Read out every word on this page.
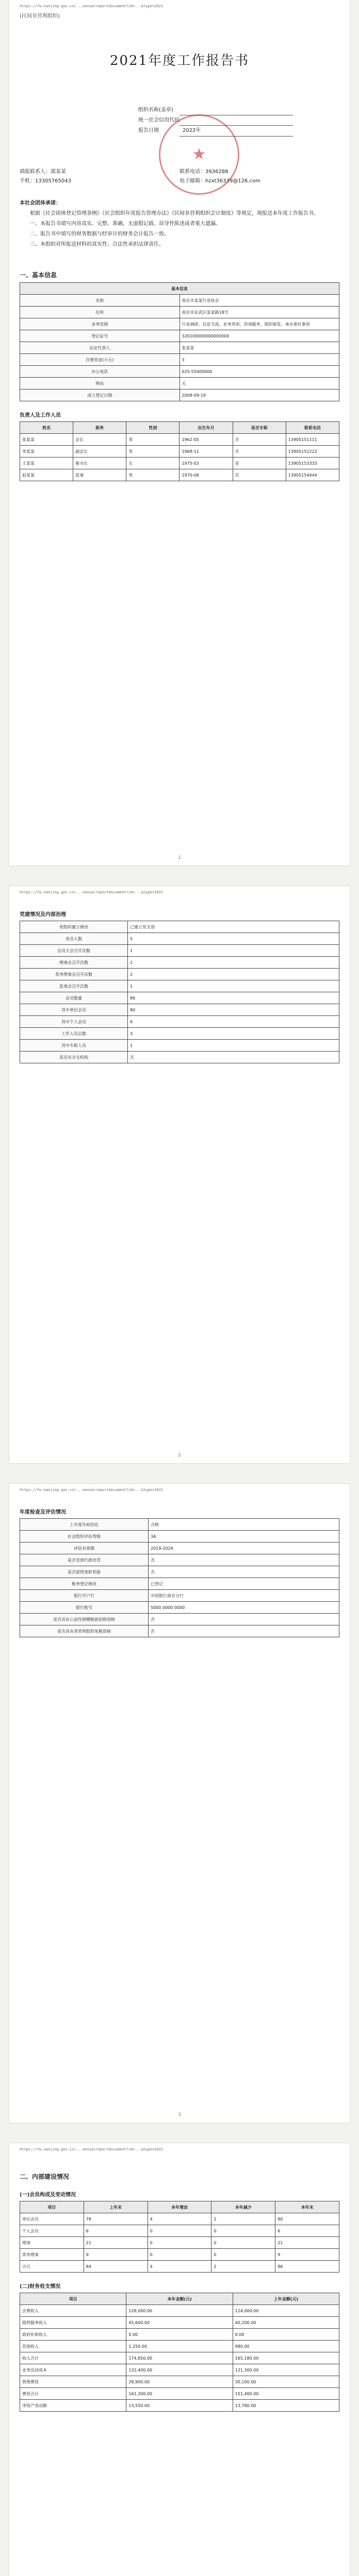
https://fw.nanjing.gov.cn/...annualreportdocument?id=...&type=2021
(民间非营利组织)
2021年度工作报告书
组织名称(盖章)
统一社会信用代码
报告日期	2022年
★
填报联系人：邵某某	联系电话：3936288
手机：13305765043	电子邮箱：hzxt36339@126.com

本社会团体承诺：

根据《社会团体登记管理条例》《社会组织年度报告管理办法》《民间非营利组织会计制度》等规定，现报送本年度工作报告书。

一、本报告书填写内容真实、完整、准确，无虚假记载、误导性陈述或者重大遗漏。

二、报告书中填写的财务数据与经审计的财务会计报告一致。

三、本组织对所报送材料的真实性、合法性承担法律责任。

一、基本信息
基本信息	
名称	南京市某某行业协会
住所	南京市玄武区某某路18号
业务范围	行业调研、信息交流、业务培训、咨询服务、组织展览、承办委托事项
登记证号	32010000000000000X
法定代表人	张某某
注册资金(万元)	3
办公电话	025-55000000
网站	无
成立登记日期	2008-09-19
负责人及工作人员
姓名	职务	性别	出生年月	是否专职	联系电话
张某某	会长	男	1962-05	否	13905151111
李某某	副会长	男	1968-11	否	13905152222
王某某	秘书长	女	1975-03	是	13905153333
赵某某	监事	男	1970-08	否	13905154444
1
https://fw.nanjing.gov.cn/...annualreportdocument?id=...&type=2021
党建情况及内部治理
党组织建立情况	已建立党支部
党员人数	5
会员大会召开次数	1
理事会召开次数	2
常务理事会召开次数	2
监事会召开次数	1
会员数量	86
其中单位会员	80
其中个人会员	6
工作人员总数	3
其中专职人员	1
是否有分支机构	否
2
https://fw.nanjing.gov.cn/...annualreportdocument?id=...&type=2021
年度检查及评估情况
上年度年检结论	合格
社会组织评估等级	3A
评估有效期	2019-2024
是否受到行政处罚	否
是否获得表彰奖励	否
税务登记情况	已登记
银行开户行	中国银行南京分行
银行账号	5000 0000 0000
是否具有公益性捐赠税前扣除资格	否
是否具有非营利组织免税资格	否
3
https://fw.nanjing.gov.cn/...annualreportdocument?id=...&type=2021
二、内部建设情况
(一)会员构成及变动情况
项目	上年末	本年增加	本年减少	本年末
单位会员	78	4	2	80
个人会员	6	0	0	6
理事	21	0	0	21
常务理事	9	0	0	9
合计	84	4	2	86
(二)财务收支情况
项目	本年金额(元)	上年金额(元)
会费收入	128,000.00	124,000.00
提供服务收入	45,600.00	40,200.00
政府补助收入	0.00	0.00
其他收入	1,250.00	980.00
收入合计	174,850.00	165,180.00
业务活动成本	132,400.00	121,300.00
管理费用	28,900.00	30,100.00
费用合计	161,300.00	151,400.00
净资产变动额	13,550.00	13,780.00
